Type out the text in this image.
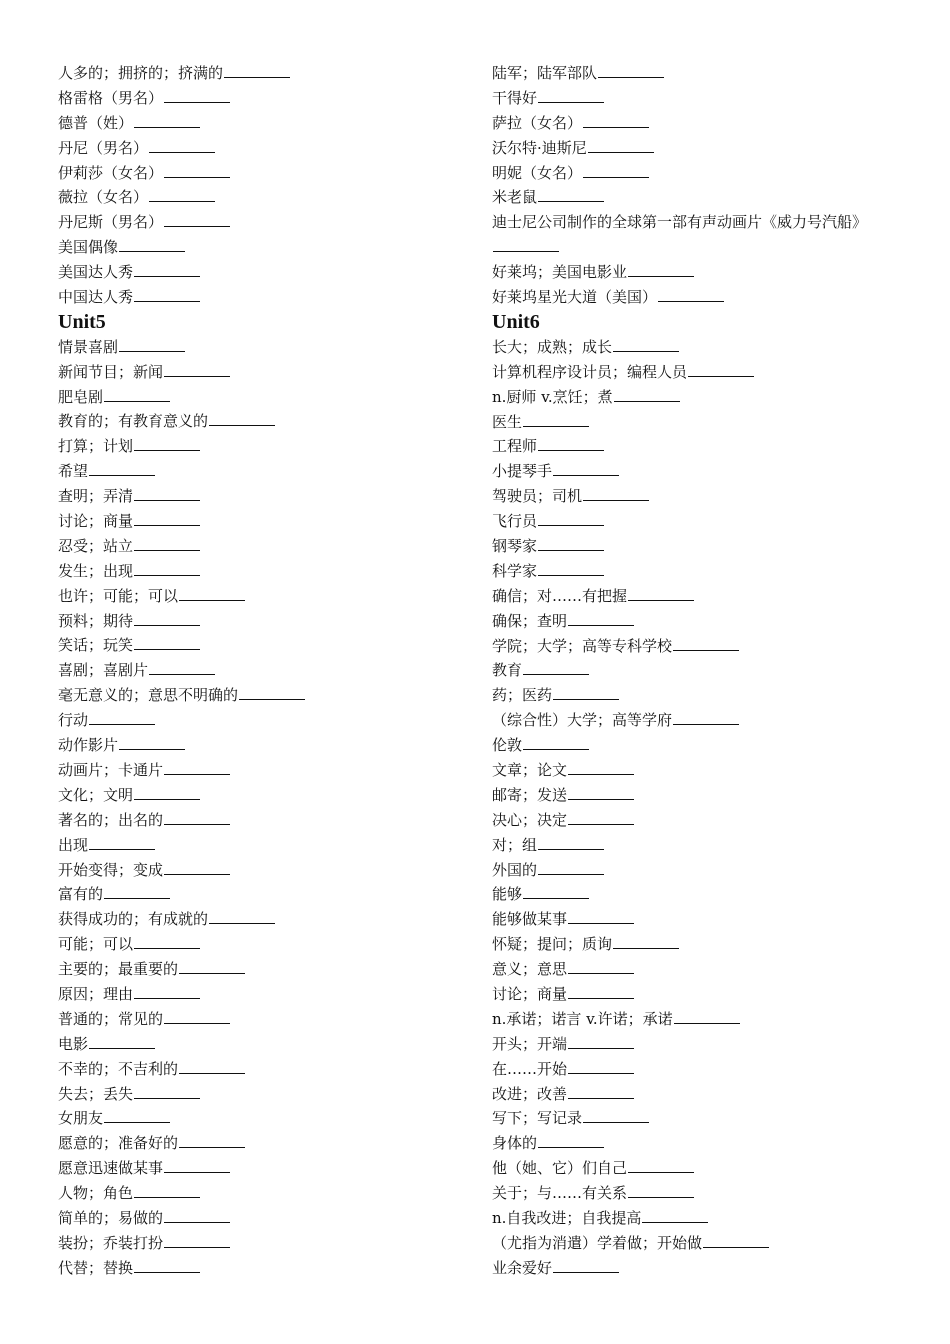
人多的；拥挤的；挤满的
格雷格（男名）
德普（姓）
丹尼（男名）
伊莉莎（女名）
薇拉（女名）
丹尼斯（男名）
美国偶像
美国达人秀
中国达人秀
Unit5
情景喜剧
新闻节目；新闻
肥皂剧
教育的；有教育意义的
打算；计划
希望
查明；弄清
讨论；商量
忍受；站立
发生；出现
也许；可能；可以
预料；期待
笑话；玩笑
喜剧；喜剧片
毫无意义的；意思不明确的
行动
动作影片
动画片；卡通片
文化；文明
著名的；出名的
出现
开始变得；变成
富有的
获得成功的；有成就的
可能；可以
主要的；最重要的
原因；理由
普通的；常见的
电影
不幸的；不吉利的
失去；丢失
女朋友
愿意的；准备好的
愿意迅速做某事
人物；角色
简单的；易做的
装扮；乔装打扮
代替；替换
陆军；陆军部队
干得好
萨拉（女名）
沃尔特·迪斯尼
明妮（女名）
米老鼠
迪士尼公司制作的全球第一部有声动画片《威力号汽船》
好莱坞；美国电影业
好莱坞星光大道（美国）
Unit6
长大；成熟；成长
计算机程序设计员；编程人员
n.厨师 v.烹饪；煮
医生
工程师
小提琴手
驾驶员；司机
飞行员
钢琴家
科学家
确信；对……有把握
确保；查明
学院；大学；高等专科学校
教育
药；医药
（综合性）大学；高等学府
伦敦
文章；论文
邮寄；发送
决心；决定
对；组
外国的
能够
能够做某事
怀疑；提问；质询
意义；意思
讨论；商量
n.承诺；诺言 v.许诺；承诺
开头；开端
在……开始
改进；改善
写下；写记录
身体的
他（她、它）们自己
关于；与……有关系
n.自我改进；自我提高
（尤指为消遣）学着做；开始做
业余爱好
